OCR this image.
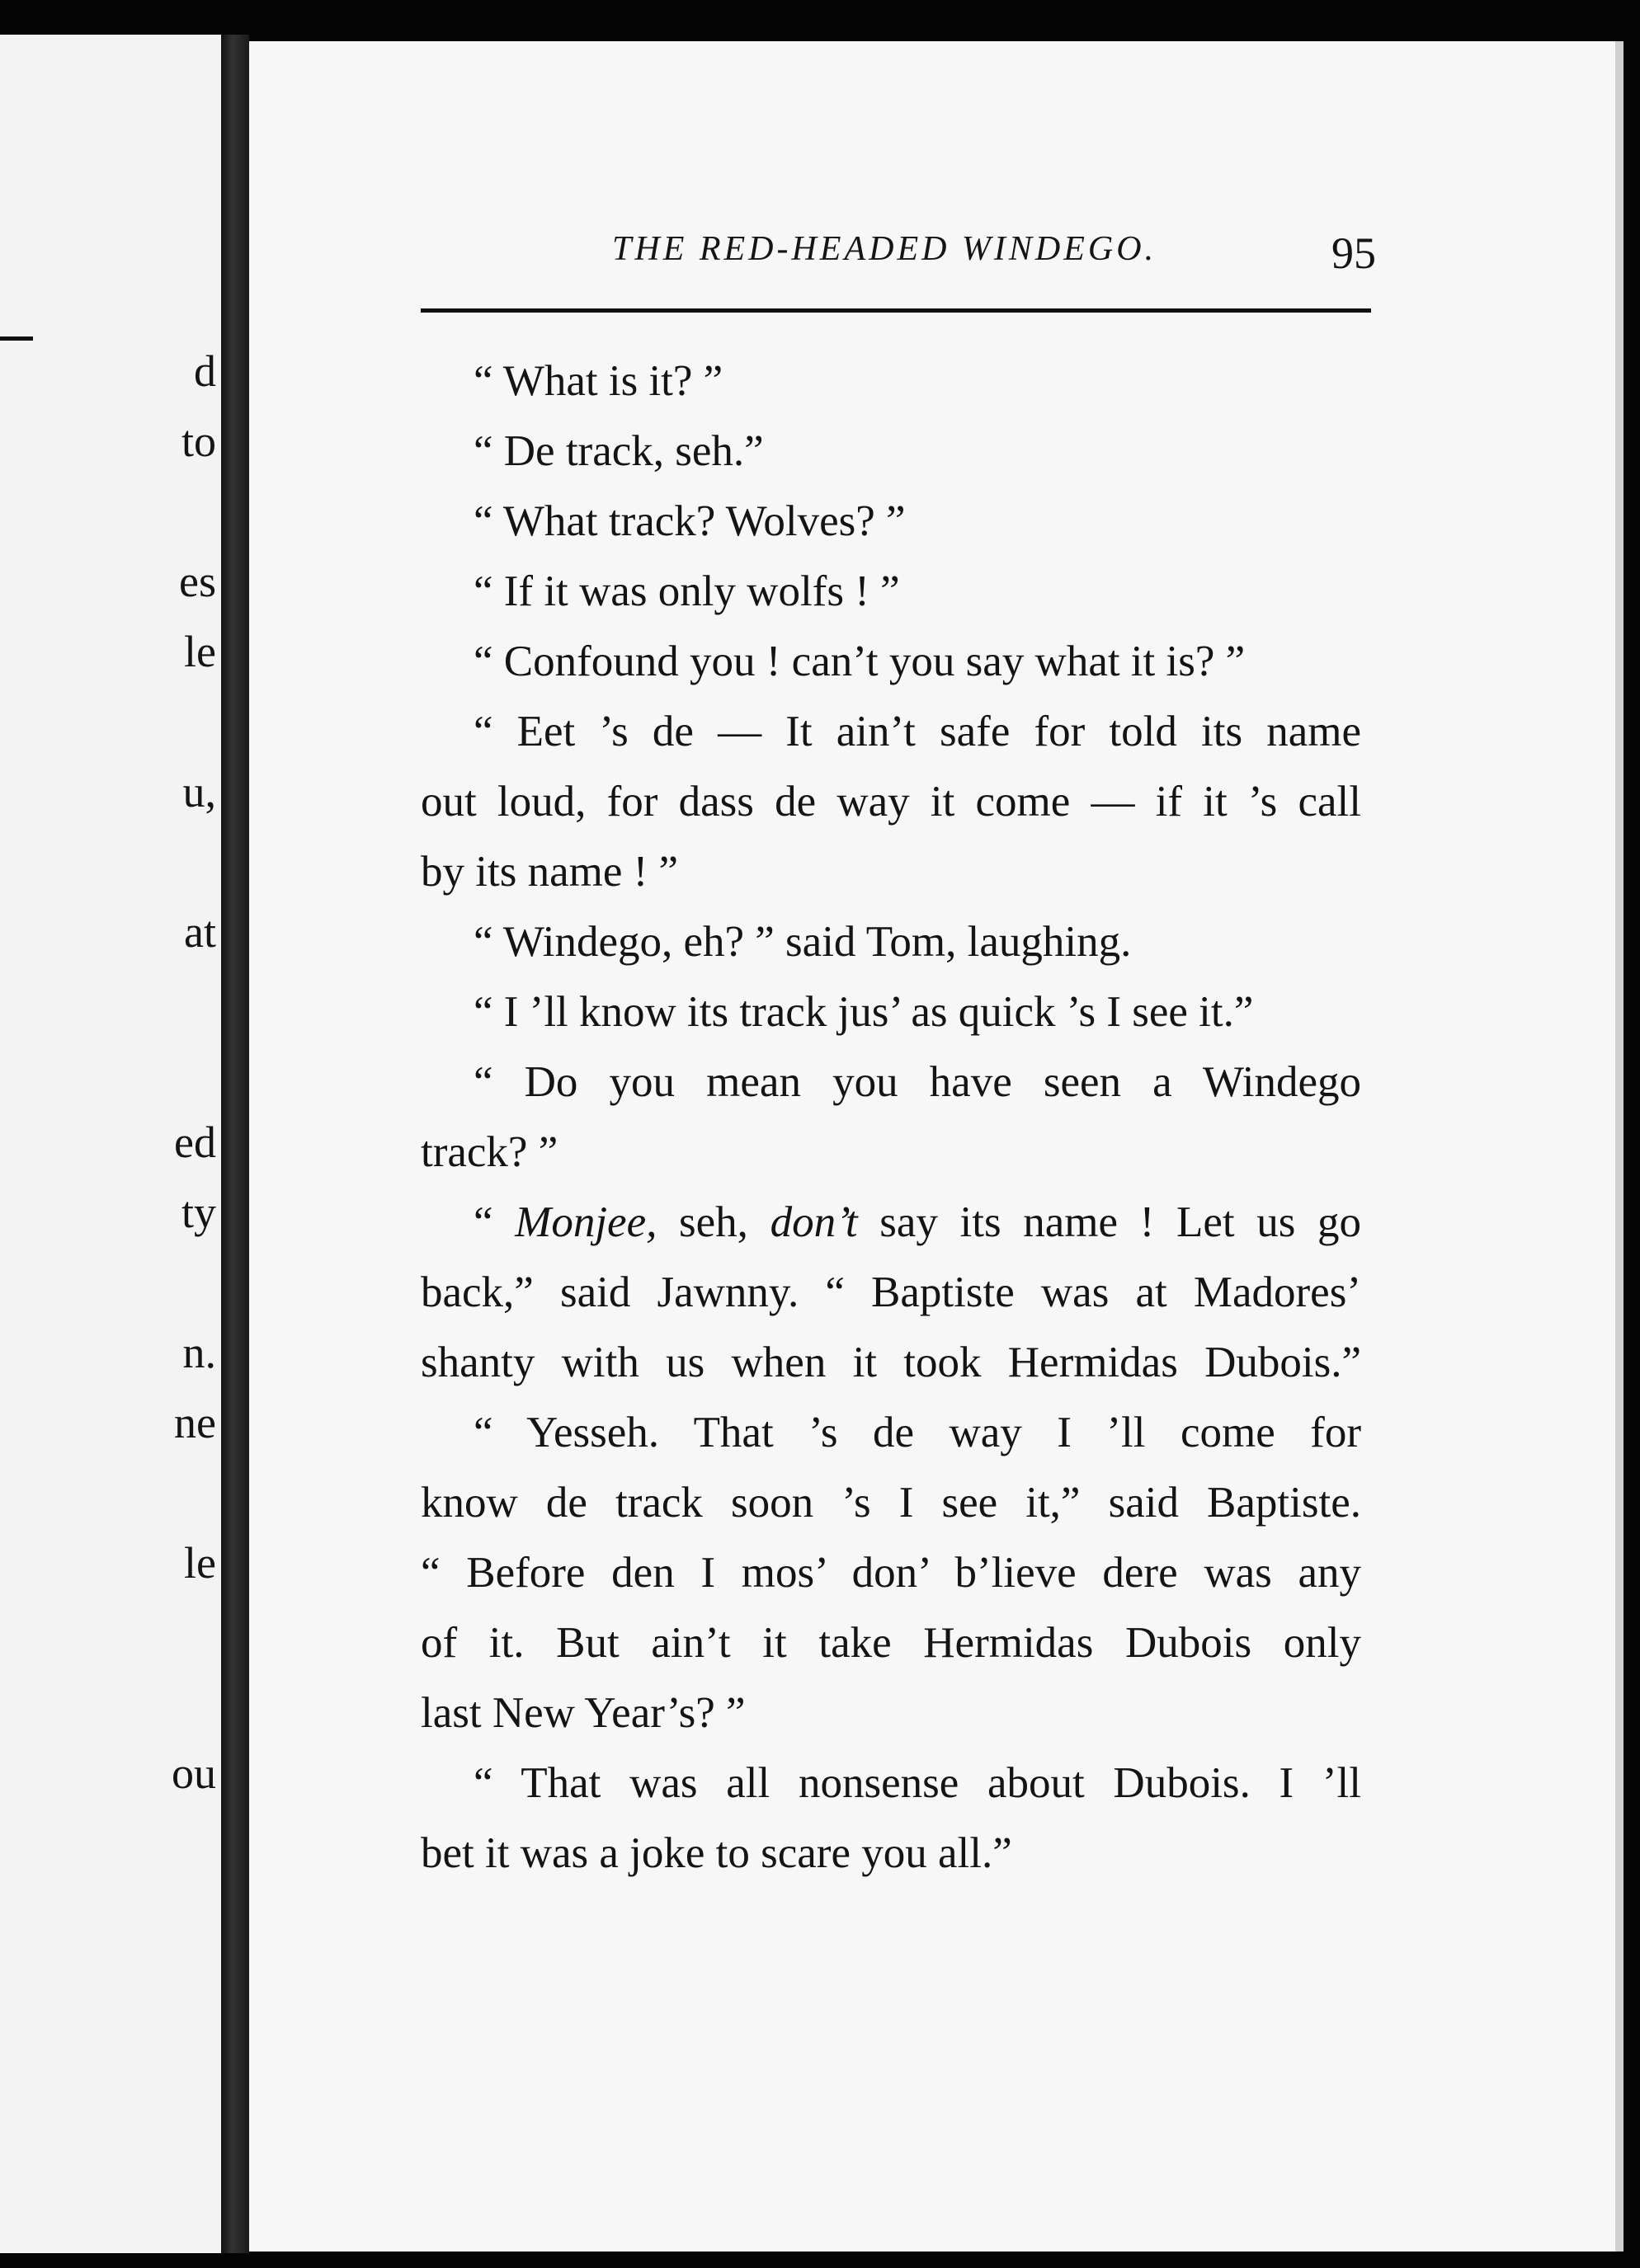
d
to
es
le
u,
at
ed
ty
n.
ne
le
ou
THE RED-HEADED WINDEGO.	95
“ What is it? ”
“ De track, seh.”
“ What track? Wolves? ”
“ If it was only wolfs ! ”
“ Confound you ! can’t you say what it is? ”
“ Eet ’s de — It ain’t safe for told its name
out loud, for dass de way it come — if it ’s call
by its name ! ”
“ Windego, eh? ” said Tom, laughing.
“ I ’ll know its track jus’ as quick ’s I see it.”
“ Do you mean you have seen a Windego
track? ”
“ Monjee, seh, don’t say its name ! Let us go
back,” said Jawnny. “ Baptiste was at Madores’
shanty with us when it took Hermidas Dubois.”
“ Yesseh. That ’s de way I ’ll come for
know de track soon ’s I see it,” said Baptiste.
“ Before den I mos’ don’ b’lieve dere was any
of it. But ain’t it take Hermidas Dubois only
last New Year’s? ”
“ That was all nonsense about Dubois. I ’ll
bet it was a joke to scare you all.”
